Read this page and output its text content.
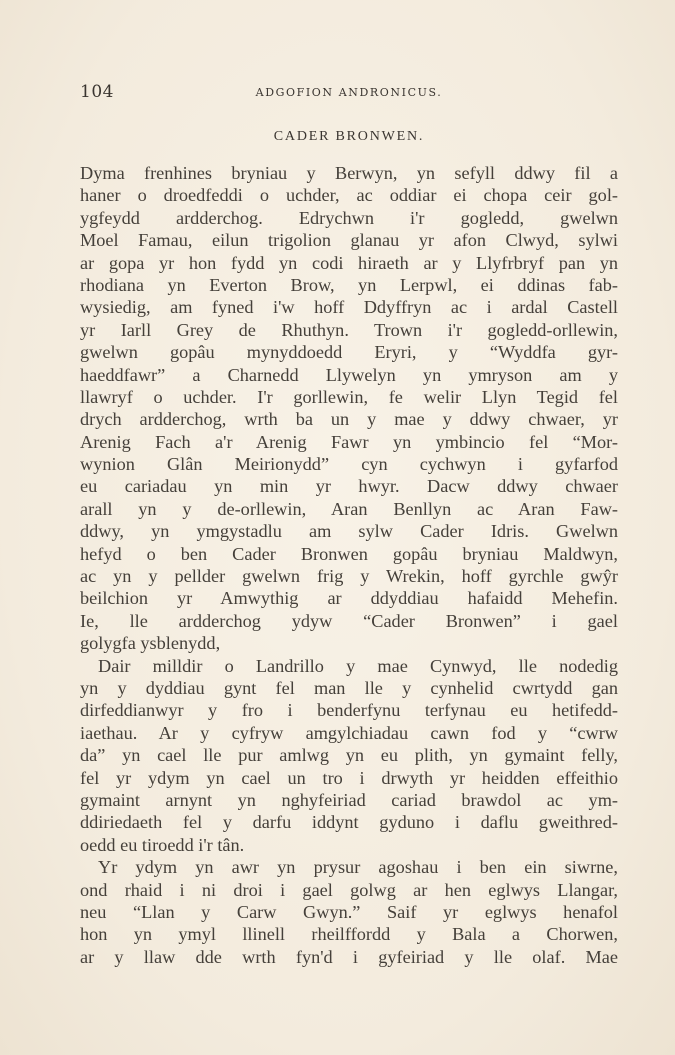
104	ADGOFION ANDRONICUS.
CADER BRONWEN.
Dyma frenhines bryniau y Berwyn, yn sefyll ddwy fil a
haner o droedfeddi o uchder, ac oddiar ei chopa ceir gol-
ygfeydd ardderchog. Edrychwn i'r gogledd, gwelwn
Moel Famau, eilun trigolion glanau yr afon Clwyd, sylwi
ar gopa yr hon fydd yn codi hiraeth ar y Llyfrbryf pan yn
rhodiana yn Everton Brow, yn Lerpwl, ei ddinas fab-
wysiedig, am fyned i'w hoff Ddyffryn ac i ardal Castell
yr Iarll Grey de Rhuthyn. Trown i'r gogledd-orllewin,
gwelwn gopâu mynyddoedd Eryri, y “Wyddfa gyr-
haeddfawr” a Charnedd Llywelyn yn ymryson am y
llawryf o uchder. I'r gorllewin, fe welir Llyn Tegid fel
drych ardderchog, wrth ba un y mae y ddwy chwaer, yr
Arenig Fach a'r Arenig Fawr yn ymbincio fel “Mor-
wynion Glân Meirionydd” cyn cychwyn i gyfarfod
eu cariadau yn min yr hwyr. Dacw ddwy chwaer
arall yn y de-orllewin, Aran Benllyn ac Aran Faw-
ddwy, yn ymgystadlu am sylw Cader Idris. Gwelwn
hefyd o ben Cader Bronwen gopâu bryniau Maldwyn,
ac yn y pellder gwelwn frig y Wrekin, hoff gyrchle gwŷr
beilchion yr Amwythig ar ddyddiau hafaidd Mehefin.
Ie, lle ardderchog ydyw “Cader Bronwen” i gael
golygfa ysblenydd,
Dair milldir o Landrillo y mae Cynwyd, lle nodedig
yn y dyddiau gynt fel man lle y cynhelid cwrtydd gan
dirfeddianwyr y fro i benderfynu terfynau eu hetifedd-
iaethau. Ar y cyfryw amgylchiadau cawn fod y “cwrw
da” yn cael lle pur amlwg yn eu plith, yn gymaint felly,
fel yr ydym yn cael un tro i drwyth yr heidden effeithio
gymaint arnynt yn nghyfeiriad cariad brawdol ac ym-
ddiriedaeth fel y darfu iddynt gyduno i daflu gweithred-
oedd eu tiroedd i'r tân.
Yr ydym yn awr yn prysur agoshau i ben ein siwrne,
ond rhaid i ni droi i gael golwg ar hen eglwys Llangar,
neu “Llan y Carw Gwyn.” Saif yr eglwys henafol
hon yn ymyl llinell rheilffordd y Bala a Chorwen,
ar y llaw dde wrth fyn'd i gyfeiriad y lle olaf. Mae
